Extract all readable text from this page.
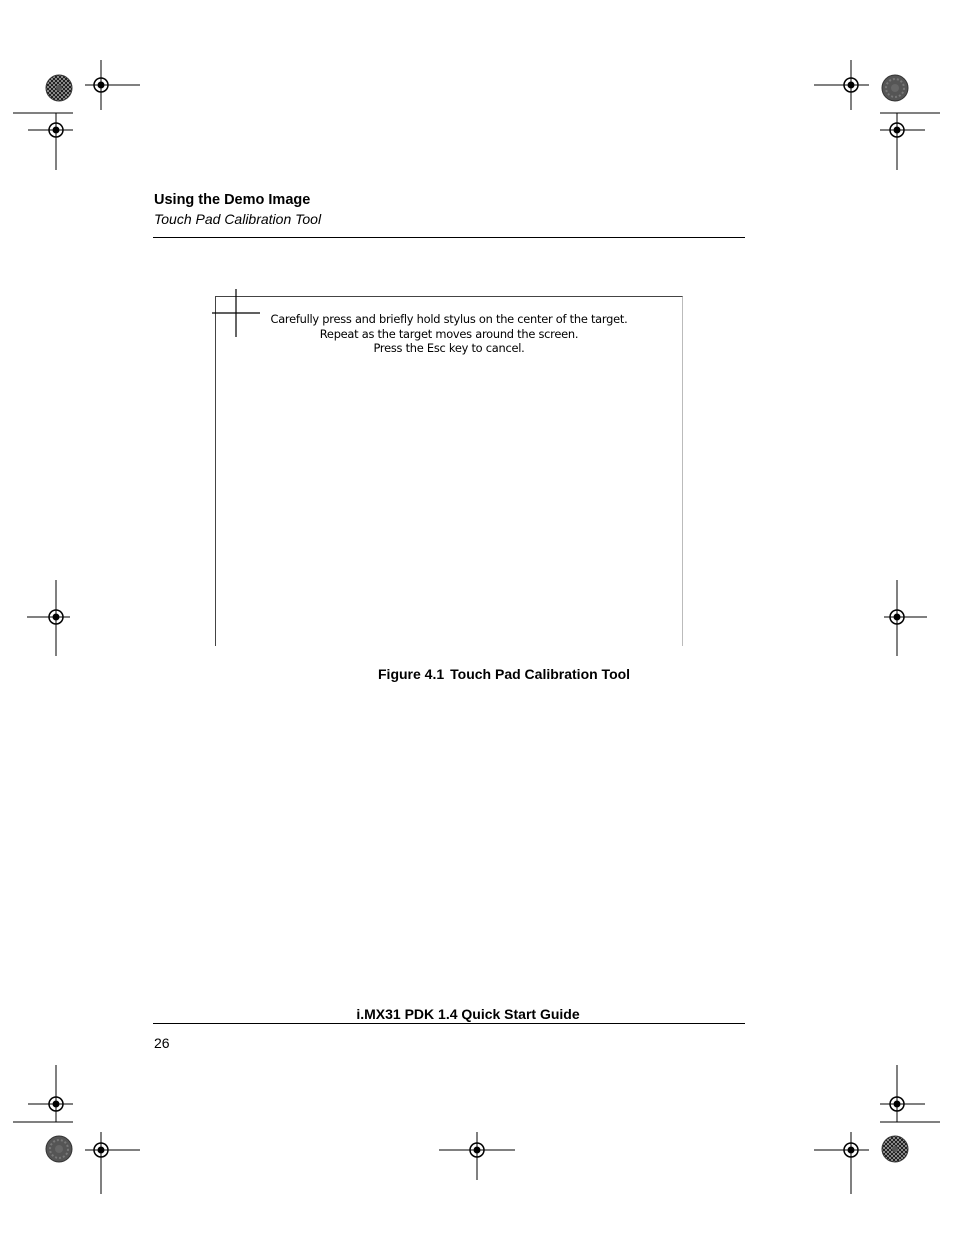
Using the Demo Image
Touch Pad Calibration Tool
Carefully press and briefly hold stylus on the center of the target.
Repeat as the target moves around the screen.
Press the Esc key to cancel.
Figure 4.1 Touch Pad Calibration Tool
i.MX31 PDK 1.4 Quick Start Guide
26
